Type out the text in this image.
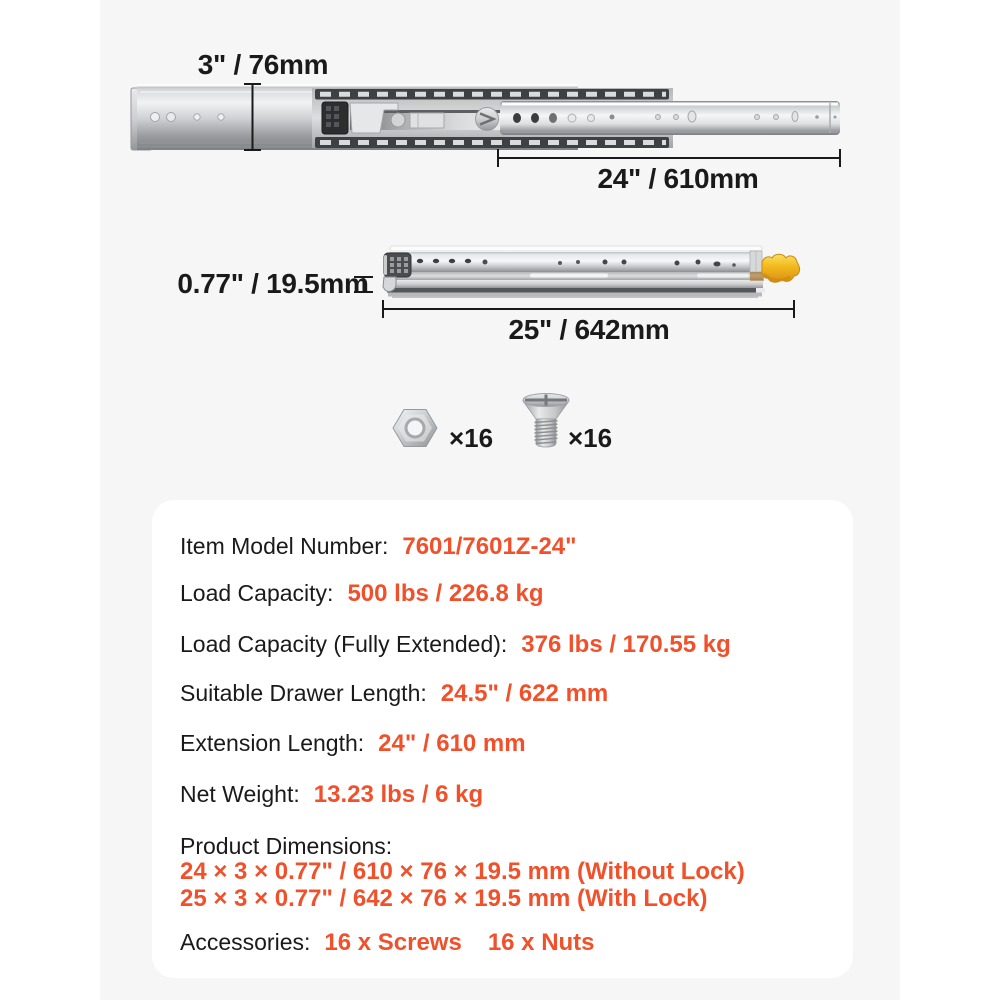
3" / 76mm
24" / 610mm
0.77" / 19.5mm
25" / 642mm
×16	×16
Item Model Number: 7601/7601Z-24"
Load Capacity: 500 lbs / 226.8 kg
Load Capacity (Fully Extended): 376 lbs / 170.55 kg
Suitable Drawer Length: 24.5" / 622 mm
Extension Length: 24" / 610 mm
Net Weight: 13.23 lbs / 6 kg
Product Dimensions:
24 × 3 × 0.77" / 610 × 76 × 19.5 mm (Without Lock)
25 × 3 × 0.77" / 642 × 76 × 19.5 mm (With Lock)
Accessories: 16 x Screws 16 x Nuts
